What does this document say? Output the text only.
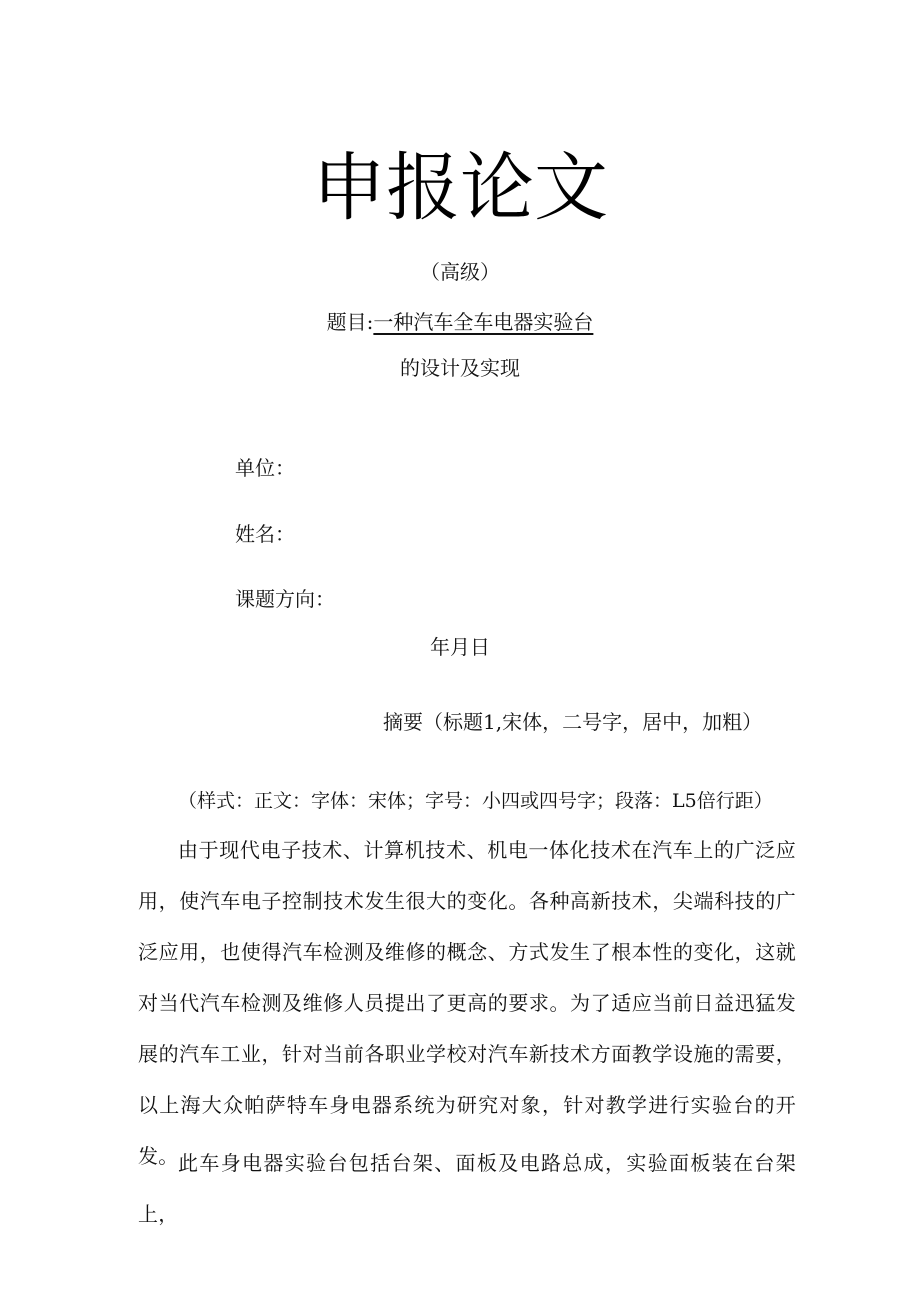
申报论文
（高级）
题目:一种汽车全车电器实验台
的设计及实现
单位：
姓名：
课题方向：
年月日
摘要（标题1,宋体，二号字，居中，加粗）
（样式：正文：字体：宋体；字号：小四或四号字；段落：L5倍行距）
由于现代电子技术、计算机技术、机电一体化技术在汽车上的广泛应用，使汽车电子控制技术发生很大的变化。各种高新技术，尖端科技的广泛应用，也使得汽车检测及维修的概念、方式发生了根本性的变化，这就对当代汽车检测及维修人员提出了更高的要求。为了适应当前日益迅猛发展的汽车工业，针对当前各职业学校对汽车新技术方面教学设施的需要，以上海大众帕萨特车身电器系统为研究对象，针对教学进行实验台的开发。 此车身电器实验台包括台架、面板及电路总成，实验面板装在台架上，
